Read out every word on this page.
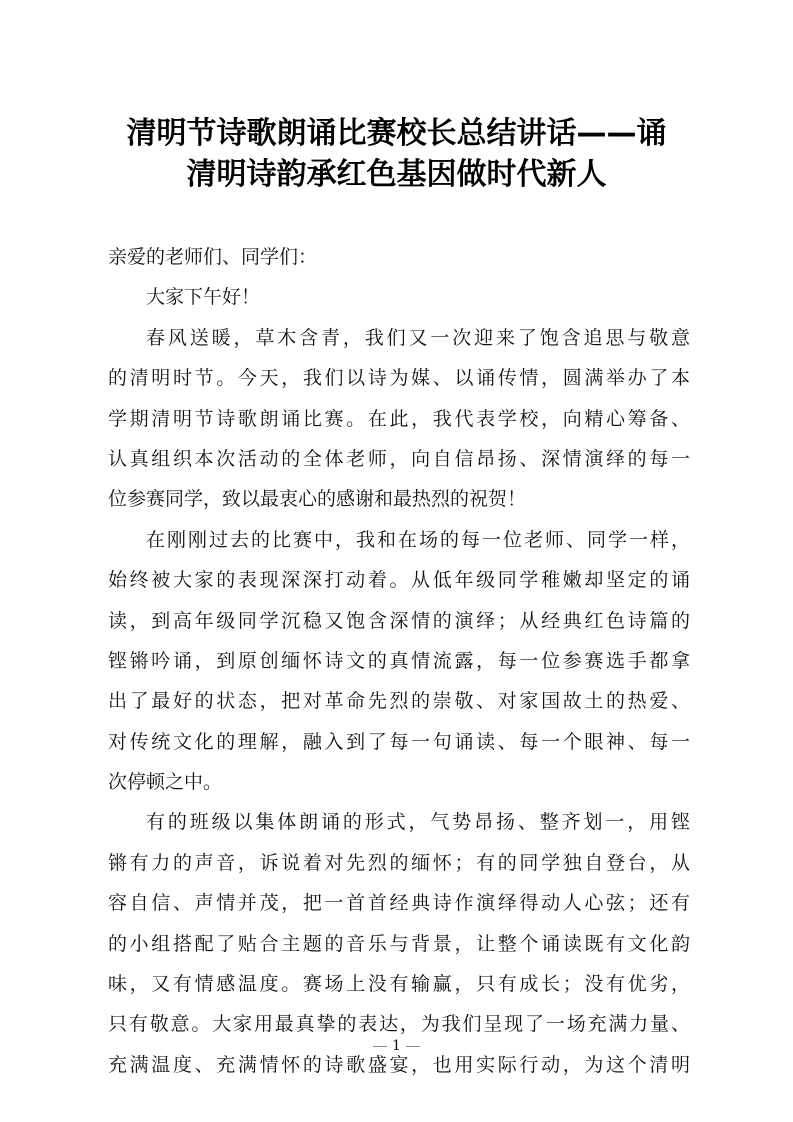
清明节诗歌朗诵比赛校长总结讲话——诵
清明诗韵承红色基因做时代新人
亲爱的老师们、同学们：
大家下午好！
春风送暖，草木含青，我们又一次迎来了饱含追思与敬意
的清明时节。今天，我们以诗为媒、以诵传情，圆满举办了本
学期清明节诗歌朗诵比赛。在此，我代表学校，向精心筹备、
认真组织本次活动的全体老师，向自信昂扬、深情演绎的每一
位参赛同学，致以最衷心的感谢和最热烈的祝贺！
在刚刚过去的比赛中，我和在场的每一位老师、同学一样，
始终被大家的表现深深打动着。从低年级同学稚嫩却坚定的诵
读，到高年级同学沉稳又饱含深情的演绎；从经典红色诗篇的
铿锵吟诵，到原创缅怀诗文的真情流露，每一位参赛选手都拿
出了最好的状态，把对革命先烈的崇敬、对家国故土的热爱、
对传统文化的理解，融入到了每一句诵读、每一个眼神、每一
次停顿之中。
有的班级以集体朗诵的形式，气势昂扬、整齐划一，用铿
锵有力的声音，诉说着对先烈的缅怀；有的同学独自登台，从
容自信、声情并茂，把一首首经典诗作演绎得动人心弦；还有
的小组搭配了贴合主题的音乐与背景，让整个诵读既有文化韵
味，又有情感温度。赛场上没有输赢，只有成长；没有优劣，
只有敬意。大家用最真挚的表达，为我们呈现了一场充满力量、
充满温度、充满情怀的诗歌盛宴，也用实际行动，为这个清明
1
